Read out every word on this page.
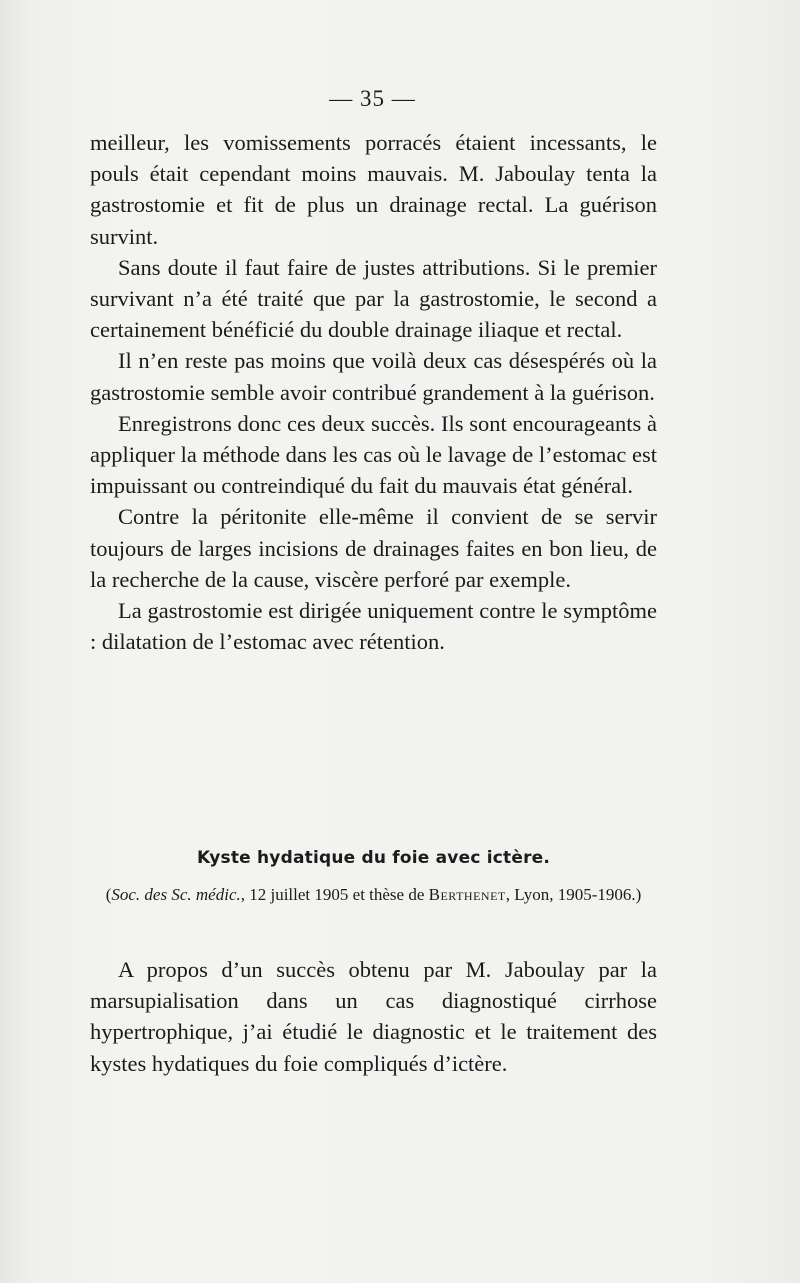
— 35 —

meilleur, les vomissements porracés étaient incessants, le pouls était cependant moins mauvais. M. Jaboulay tenta la gastrostomie et fit de plus un drainage rectal. La guérison survint.

Sans doute il faut faire de justes attributions. Si le premier survivant n’a été traité que par la gastrostomie, le second a certainement bénéficié du double drainage iliaque et rectal.

Il n’en reste pas moins que voilà deux cas désespérés où la gastrostomie semble avoir contribué grandement à la guérison.

Enregistrons donc ces deux succès. Ils sont encourageants à appliquer la méthode dans les cas où le lavage de l’estomac est impuissant ou contreindiqué du fait du mauvais état général.

Contre la péritonite elle-même il convient de se servir toujours de larges incisions de drainages faites en bon lieu, de la recherche de la cause, viscère perforé par exemple.

La gastrostomie est dirigée uniquement contre le symptôme : dilatation de l’estomac avec rétention.

Kyste hydatique du foie avec ictère.
(Soc. des Sc. médic., 12 juillet 1905 et thèse de Berthenet, Lyon, 1905-1906.)

A propos d’un succès obtenu par M. Jaboulay par la marsupialisation dans un cas diagnostiqué cirrhose hypertrophique, j’ai étudié le diagnostic et le traitement des kystes hydatiques du foie compliqués d’ictère.
